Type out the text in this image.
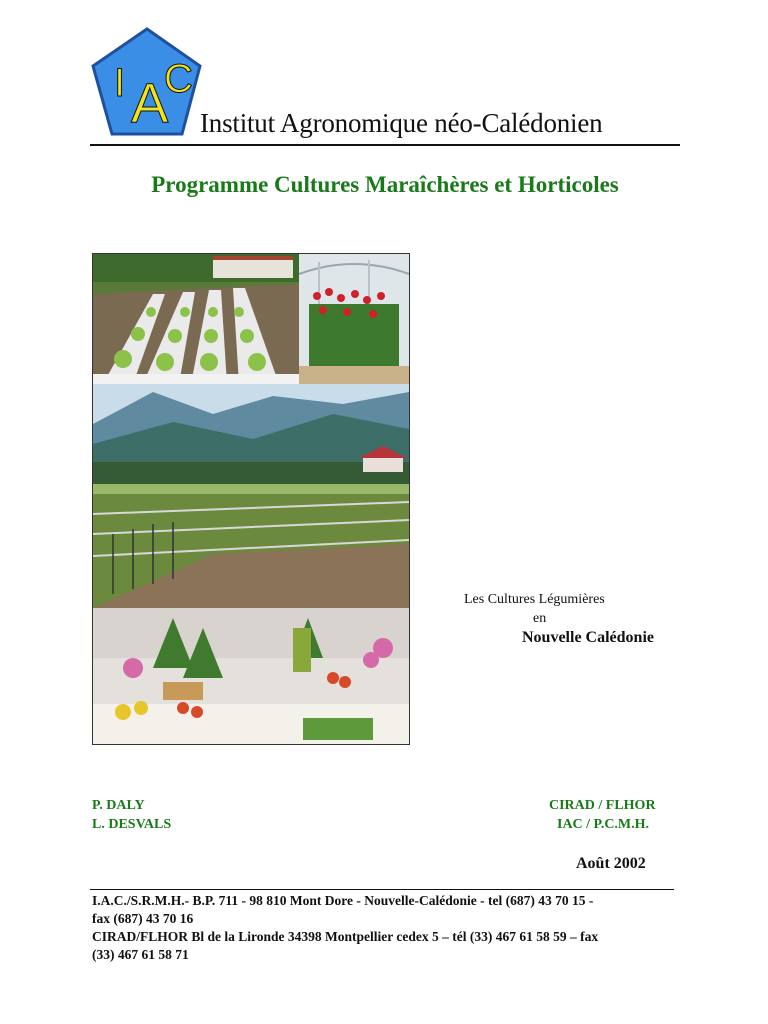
I A
C
Institut Agronomique néo-Calédonien
Programme Cultures Maraîchères et Horticoles
Les Cultures Légumières
en
Nouvelle Calédonie
P. DALY
L. DESVALS
CIRAD / FLHOR
IAC / P.C.M.H.
Août 2002
I.A.C./S.R.M.H.- B.P. 711 - 98 810 Mont Dore - Nouvelle-Calédonie - tel (687) 43 70 15 -
fax (687) 43 70 16
CIRAD/FLHOR Bl de la Lironde 34398 Montpellier cedex 5 – tél (33) 467 61 58 59 – fax
(33) 467 61 58 71
